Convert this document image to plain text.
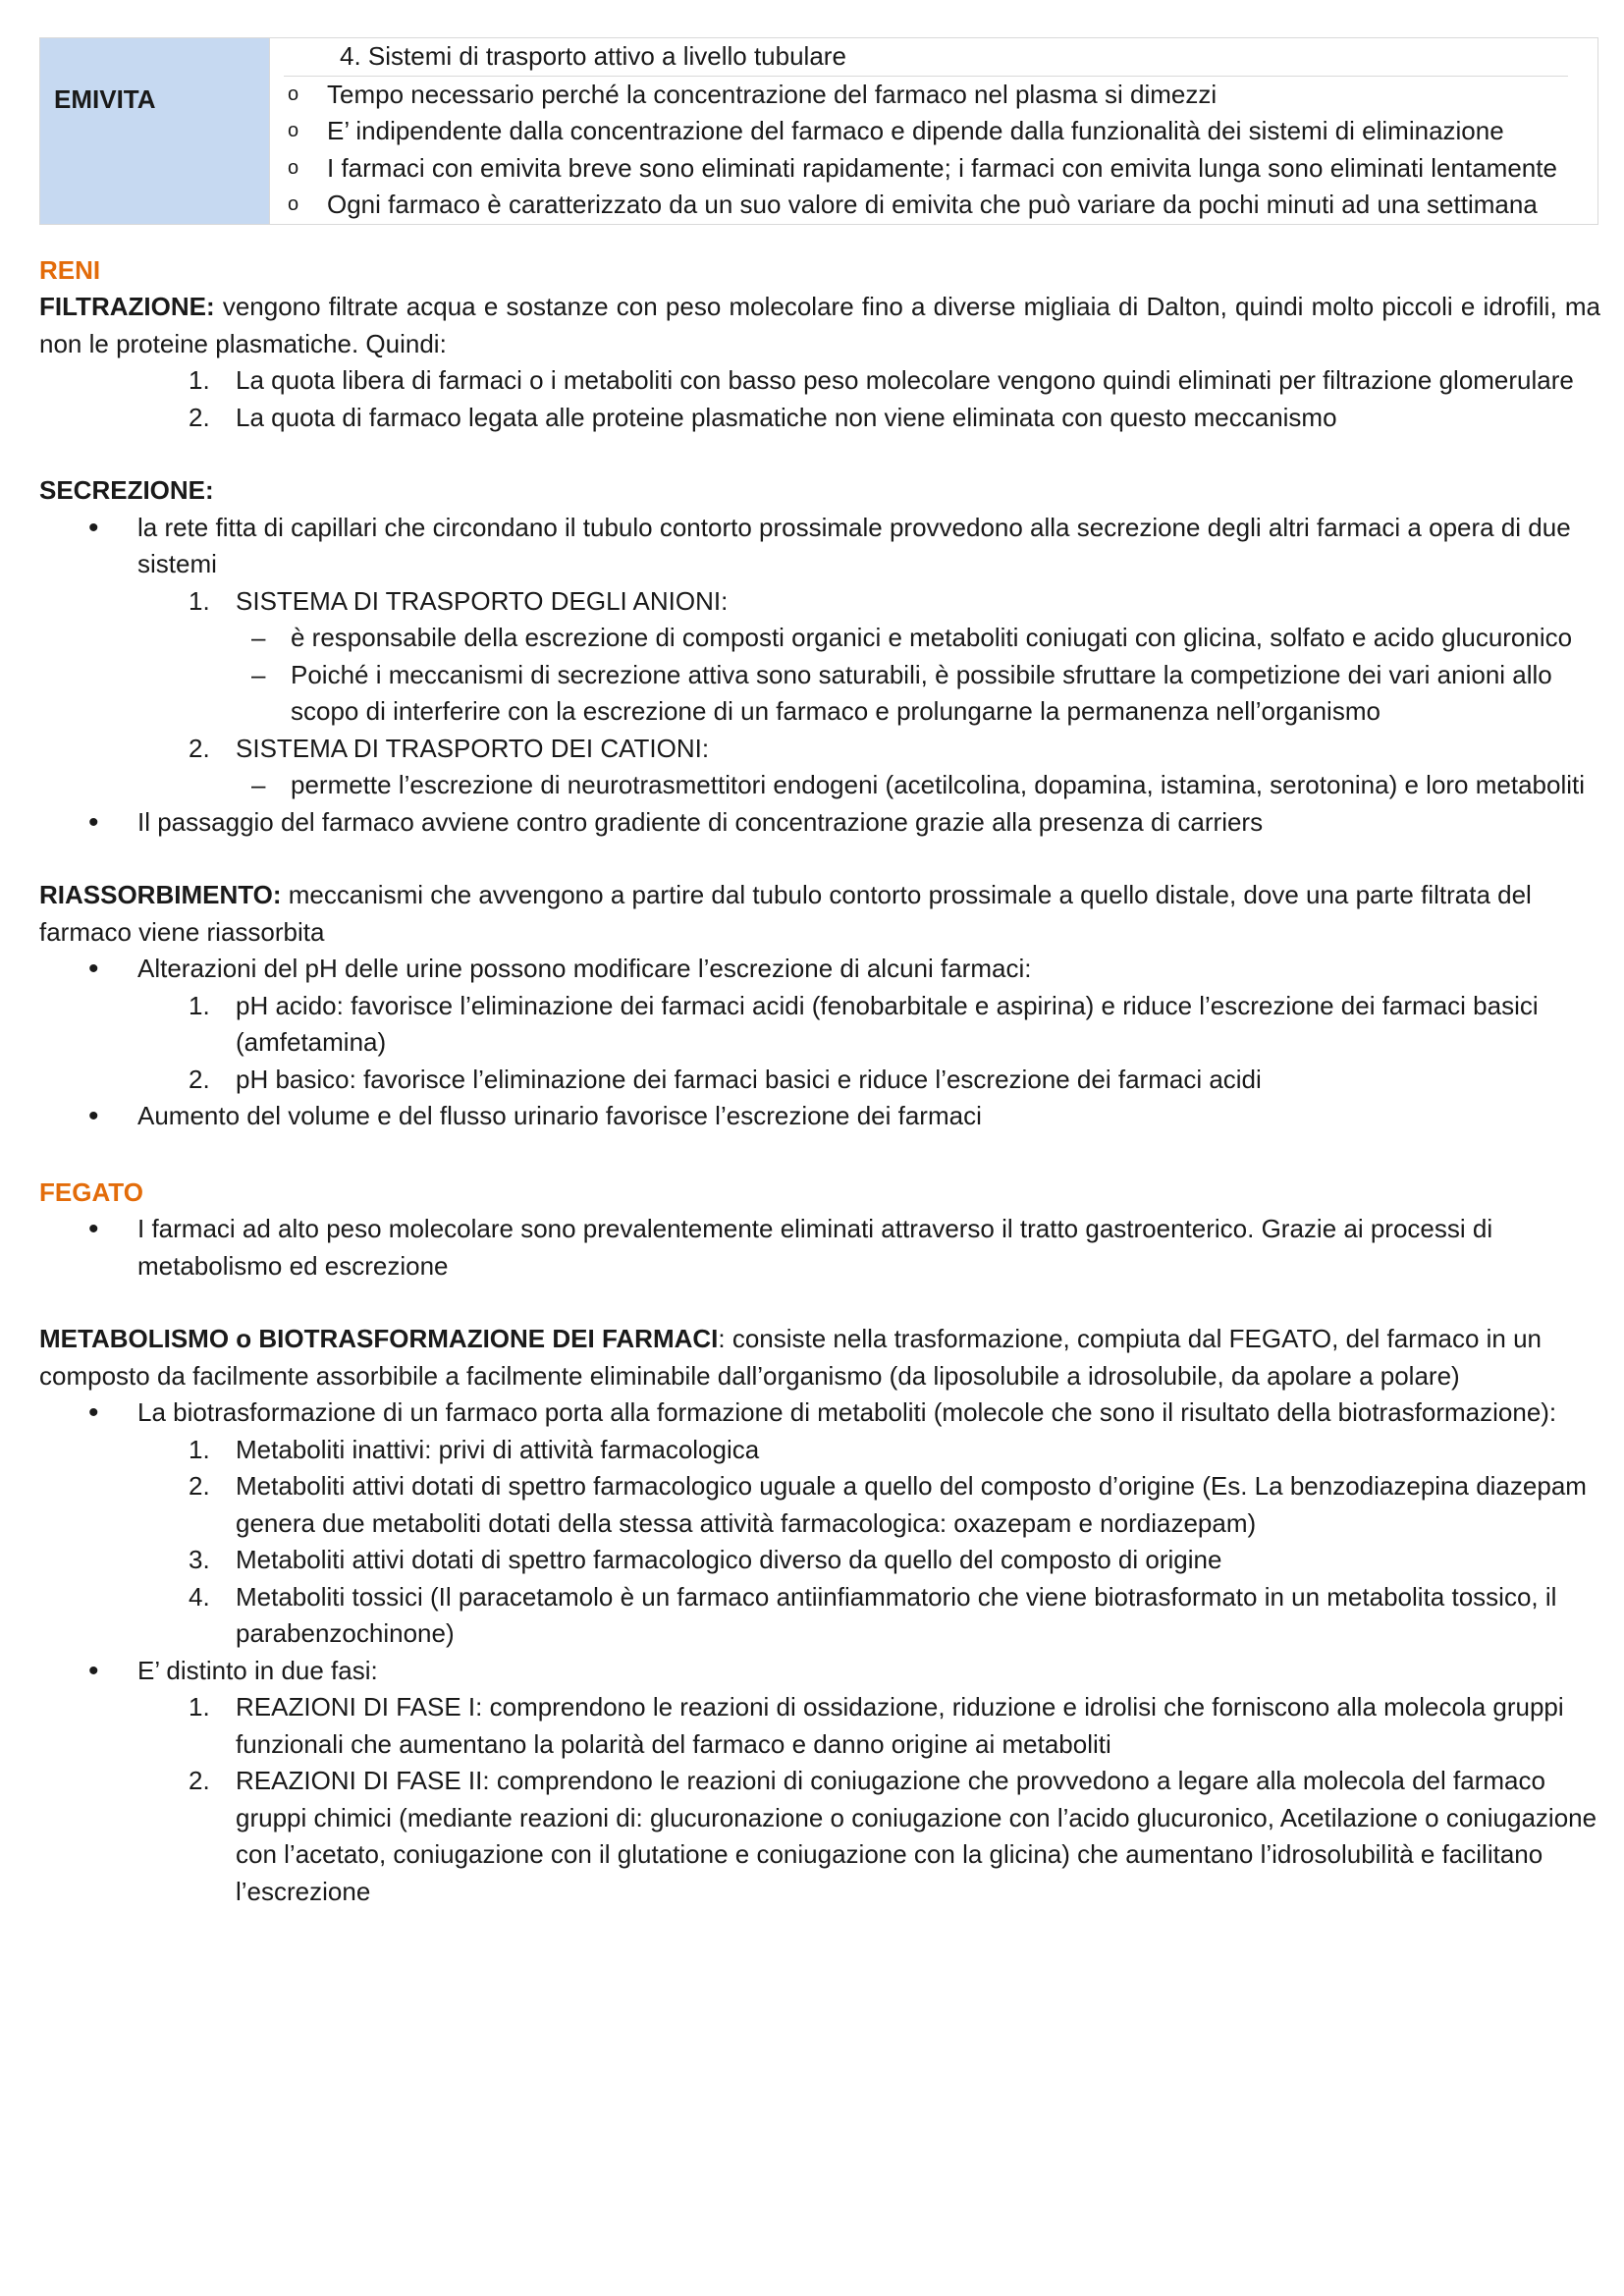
EMIVITA	
4. Sistemi di trasporto attivo a livello tubulare
o Tempo necessario perché la concentrazione del farmaco nel plasma si dimezzi
o E’ indipendente dalla concentrazione del farmaco e dipende dalla funzionalità dei sistemi di eliminazione
o I farmaci con emivita breve sono eliminati rapidamente; i farmaci con emivita lunga sono eliminati lentamente
o Ogni farmaco è caratterizzato da un suo valore di emivita che può variare da pochi minuti ad una settimana

RENI

FILTRAZIONE: vengono filtrate acqua e sostanze con peso molecolare fino a diverse migliaia di Dalton, quindi molto piccoli e idrofili, ma non le proteine plasmatiche. Quindi:

1. La quota libera di farmaci o i metaboliti con basso peso molecolare vengono quindi eliminati per filtrazione glomerulare
2. La quota di farmaco legata alle proteine plasmatiche non viene eliminata con questo meccanismo

SECREZIONE:

• la rete fitta di capillari che circondano il tubulo contorto prossimale provvedono alla secrezione degli altri farmaci a opera di due sistemi
1. SISTEMA DI TRASPORTO DEGLI ANIONI:
– è responsabile della escrezione di composti organici e metaboliti coniugati con glicina, solfato e acido glucuronico
– Poiché i meccanismi di secrezione attiva sono saturabili, è possibile sfruttare la competizione dei vari anioni allo scopo di interferire con la escrezione di un farmaco e prolungarne la permanenza nell’organismo
2. SISTEMA DI TRASPORTO DEI CATIONI:
– permette l’escrezione di neurotrasmettitori endogeni (acetilcolina, dopamina, istamina, serotonina) e loro metaboliti
• Il passaggio del farmaco avviene contro gradiente di concentrazione grazie alla presenza di carriers

RIASSORBIMENTO: meccanismi che avvengono a partire dal tubulo contorto prossimale a quello distale, dove una parte filtrata del farmaco viene riassorbita

• Alterazioni del pH delle urine possono modificare l’escrezione di alcuni farmaci:
1. pH acido: favorisce l’eliminazione dei farmaci acidi (fenobarbitale e aspirina) e riduce l’escrezione dei farmaci basici (amfetamina)
2. pH basico: favorisce l’eliminazione dei farmaci basici e riduce l’escrezione dei farmaci acidi
• Aumento del volume e del flusso urinario favorisce l’escrezione dei farmaci

FEGATO

• I farmaci ad alto peso molecolare sono prevalentemente eliminati attraverso il tratto gastroenterico. Grazie ai processi di metabolismo ed escrezione

METABOLISMO o BIOTRASFORMAZIONE DEI FARMACI: consiste nella trasformazione, compiuta dal FEGATO, del farmaco in un composto da facilmente assorbibile a facilmente eliminabile dall’organismo (da liposolubile a idrosolubile, da apolare a polare)

• La biotrasformazione di un farmaco porta alla formazione di metaboliti (molecole che sono il risultato della biotrasformazione):
1. Metaboliti inattivi: privi di attività farmacologica
2. Metaboliti attivi dotati di spettro farmacologico uguale a quello del composto d’origine (Es. La benzodiazepina diazepam genera due metaboliti dotati della stessa attività farmacologica: oxazepam e nordiazepam)
3. Metaboliti attivi dotati di spettro farmacologico diverso da quello del composto di origine
4. Metaboliti tossici (Il paracetamolo è un farmaco antiinfiammatorio che viene biotrasformato in un metabolita tossico, il parabenzochinone)
• E’ distinto in due fasi:
1. REAZIONI DI FASE I: comprendono le reazioni di ossidazione, riduzione e idrolisi che forniscono alla molecola gruppi funzionali che aumentano la polarità del farmaco e danno origine ai metaboliti
2. REAZIONI DI FASE II: comprendono le reazioni di coniugazione che provvedono a legare alla molecola del farmaco gruppi chimici (mediante reazioni di: glucuronazione o coniugazione con l’acido glucuronico, Acetilazione o coniugazione con l’acetato, coniugazione con il glutatione e coniugazione con la glicina) che aumentano l’idrosolubilità e facilitano l’escrezione
